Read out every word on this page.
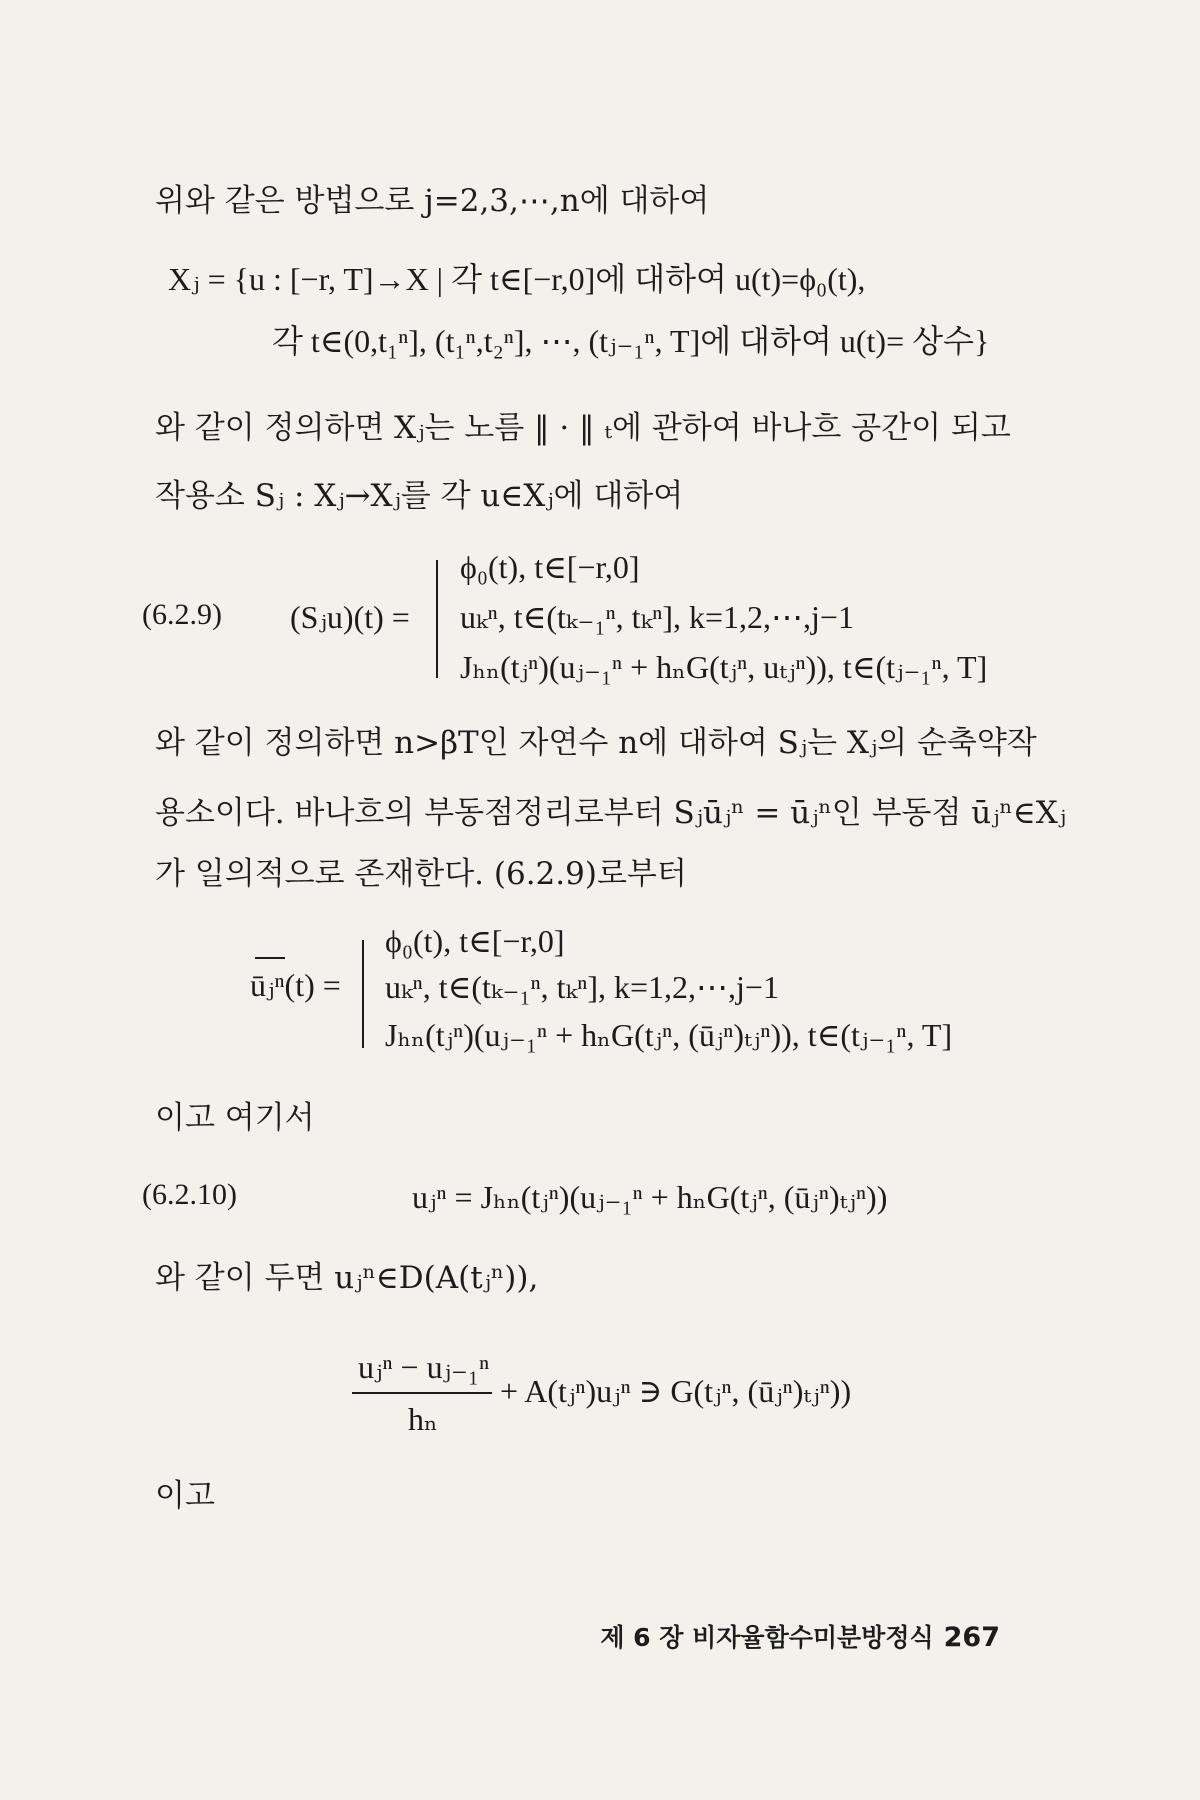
위와 같은 방법으로 j=2,3,⋯,n에 대하여
Xⱼ = {u : [−r, T]→X | 각 t∈[−r,0]에 대하여 u(t)=ϕ₀(t),
각 t∈(0,t₁ⁿ], (t₁ⁿ,t₂ⁿ], ⋯, (tⱼ₋₁ⁿ, T]에 대하여 u(t)= 상수}
와 같이 정의하면 Xⱼ는 노름 ‖ · ‖ ₜ에 관하여 바나흐 공간이 되고
작용소 Sⱼ : Xⱼ→Xⱼ를 각 u∈Xⱼ에 대하여
(6.2.9) (Sⱼu)(t) =
ϕ₀(t), t∈[−r,0]
uₖⁿ, t∈(tₖ₋₁ⁿ, tₖⁿ], k=1,2,⋯,j−1
Jₕₙ(tⱼⁿ)(uⱼ₋₁ⁿ + hₙG(tⱼⁿ, uₜⱼⁿ)), t∈(tⱼ₋₁ⁿ, T]
와 같이 정의하면 n>βT인 자연수 n에 대하여 Sⱼ는 Xⱼ의 순축약작
용소이다. 바나흐의 부동점정리로부터 Sⱼūⱼⁿ = ūⱼⁿ인 부동점 ūⱼⁿ∈Xⱼ
가 일의적으로 존재한다. (6.2.9)로부터
ūⱼⁿ(t) =
ϕ₀(t), t∈[−r,0]
uₖⁿ, t∈(tₖ₋₁ⁿ, tₖⁿ], k=1,2,⋯,j−1
Jₕₙ(tⱼⁿ)(uⱼ₋₁ⁿ + hₙG(tⱼⁿ, (ūⱼⁿ)ₜⱼⁿ)), t∈(tⱼ₋₁ⁿ, T]
이고 여기서
(6.2.10)	uⱼⁿ = Jₕₙ(tⱼⁿ)(uⱼ₋₁ⁿ + hₙG(tⱼⁿ, (ūⱼⁿ)ₜⱼⁿ))
와 같이 두면 uⱼⁿ∈D(A(tⱼⁿ)),
uⱼⁿ − uⱼ₋₁ⁿ
hₙ
+ A(tⱼⁿ)uⱼⁿ ∋ G(tⱼⁿ, (ūⱼⁿ)ₜⱼⁿ))
이고
제 6 장 비자율함수미분방정식 267
